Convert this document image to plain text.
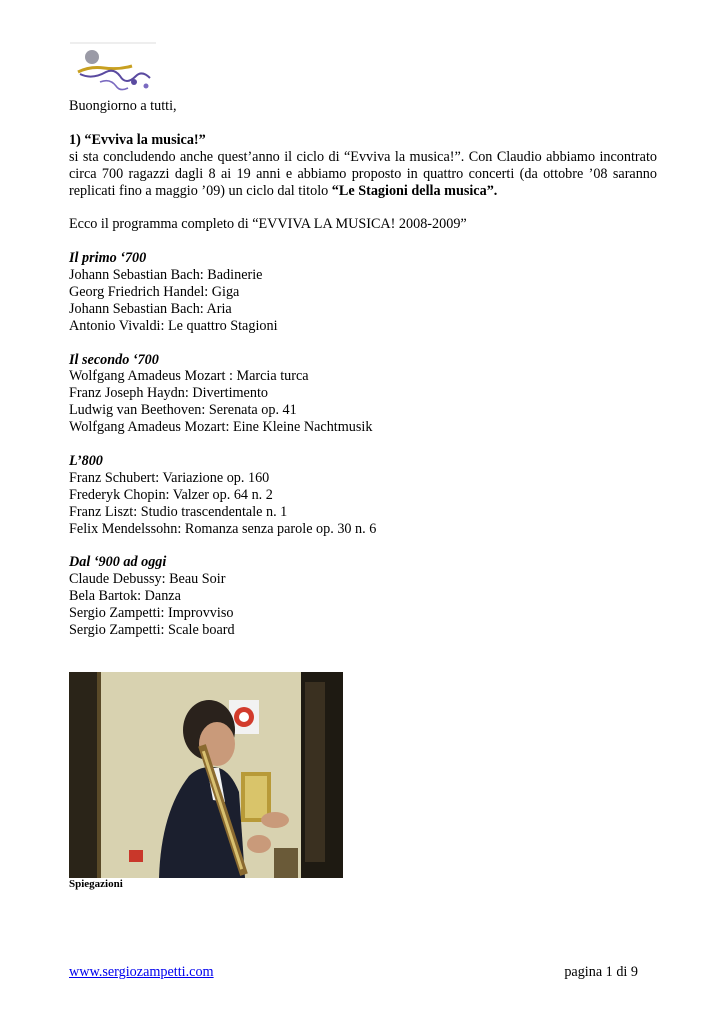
Buongiorno a tutti,

1) “Evviva la musica!”

si sta concludendo anche quest’anno il ciclo di “Evviva la musica!”. Con Claudio abbiamo incontrato circa 700 ragazzi dagli 8 ai 19 anni e abbiamo proposto in quattro concerti (da ottobre ’08 saranno replicati fino a maggio ’09) un ciclo dal titolo “Le Stagioni della musica”.

Ecco il programma completo di “EVVIVA LA MUSICA! 2008-2009”

Il primo ‘700

Johann Sebastian Bach: Badinerie

Georg Friedrich Handel: Giga

Johann Sebastian Bach: Aria

Antonio Vivaldi: Le quattro Stagioni

Il secondo ‘700

Wolfgang Amadeus Mozart : Marcia turca

Franz Joseph Haydn: Divertimento

Ludwig van Beethoven: Serenata op. 41

Wolfgang Amadeus Mozart: Eine Kleine Nachtmusik

L’800

Franz Schubert: Variazione op. 160

Frederyk Chopin: Valzer op. 64 n. 2

Franz Liszt: Studio trascendentale n. 1

Felix Mendelssohn: Romanza senza parole op. 30 n. 6

Dal ‘900 ad oggi

Claude Debussy: Beau Soir

Bela Bartok: Danza

Sergio Zampetti: Improvviso

Sergio Zampetti: Scale board

Spiegazioni
www.sergiozampetti.com	pagina 1 di 9
